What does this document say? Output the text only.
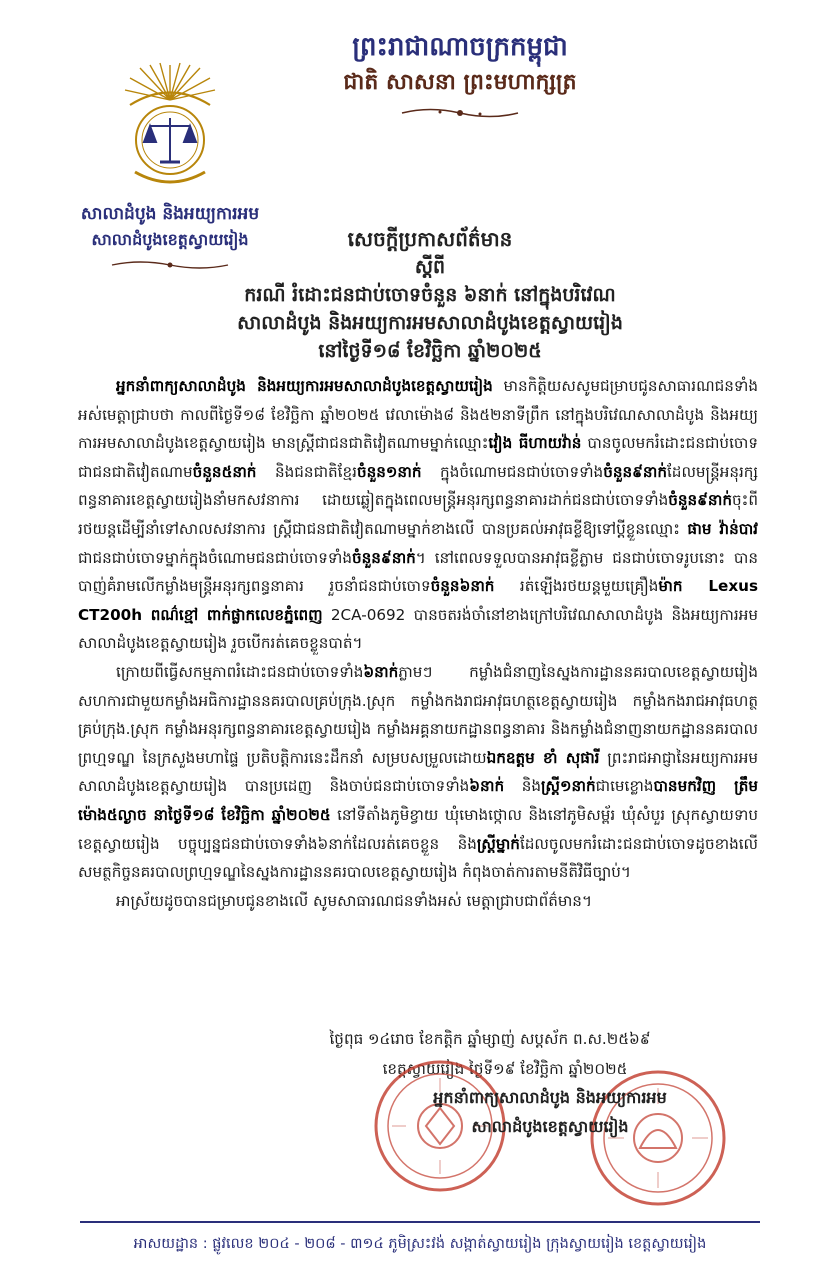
ព្រះរាជាណាចក្រកម្ពុជា
ជាតិ សាសនា ព្រះមហាក្សត្រ
សាលាដំបូង និងអយ្យការអម
សាលាដំបូងខេត្តស្វាយរៀង	សេចក្តីប្រកាសព័ត៌មាន
ស្តីពី
ករណី រំដោះជនជាប់ចោទចំនួន ៦នាក់ នៅក្នុងបរិវេណ
សាលាដំបូង និងអយ្យការអមសាលាដំបូងខេត្តស្វាយរៀង
នៅថ្ងៃទី១៨ ខែវិច្ឆិកា ឆ្នាំ២០២៥

អ្នកនាំពាក្យសាលាដំបូង និងអយ្យការអមសាលាដំបូងខេត្តស្វាយរៀង មានកិត្តិយសសូមជម្រាបជូនសាធារណជនទាំងអស់មេត្តាជ្រាបថា កាលពីថ្ងៃទី១៨ ខែវិច្ឆិកា ឆ្នាំ២០២៥ វេលាម៉ោង៨ និង៥២នាទីព្រឹក នៅក្នុងបរិវេណសាលាដំបូង និងអយ្យការអមសាលាដំបូងខេត្តស្វាយរៀង មានស្ត្រីជាជនជាតិវៀតណាមម្នាក់ឈ្មោះវៀង ធីហាយវ៉ាន់ បានចូលមករំដោះជនជាប់ចោទជាជនជាតិវៀតណាមចំនួន៥នាក់ និងជនជាតិខ្មែរចំនួន១នាក់ ក្នុងចំណោមជនជាប់ចោទទាំងចំនួន៩នាក់ដែលមន្ត្រីអនុរក្សពន្ធនាគារខេត្តស្វាយរៀងនាំមកសវនាការ ដោយឆ្លៀតក្នុងពេលមន្ត្រីអនុរក្សពន្ធនាគារដាក់ជនជាប់ចោទទាំងចំនួន៩នាក់ចុះពីរថយន្តដើម្បីនាំទៅសាលសវនាការ ស្ត្រីជាជនជាតិវៀតណាមម្នាក់ខាងលើ បានប្រគល់អាវុធខ្លីឱ្យទៅប្តីខ្លួនឈ្មោះ ផាម វ៉ាន់បាវ ជាជនជាប់ចោទម្នាក់ក្នុងចំណោមជនជាប់ចោទទាំងចំនួន៩នាក់។ នៅពេលទទួលបានអាវុធខ្លីភ្លាម ជនជាប់ចោទរូបនោះ បានបាញ់គំរាមលើកម្លាំងមន្ត្រីអនុរក្សពន្ធនាគារ រួចនាំជនជាប់ចោទចំនួន៦នាក់ រត់ឡើងរថយន្តមួយគ្រឿងម៉ាក Lexus CT200h ពណ៌ខ្មៅ ពាក់ផ្លាកលេខភ្នំពេញ 2CA-0692 បានចតរង់ចាំនៅខាងក្រៅបរិវេណសាលាដំបូង និងអយ្យការអមសាលាដំបូងខេត្តស្វាយរៀង រួចបើករត់គេចខ្លួនបាត់។

ក្រោយពីធ្វើសកម្មភាពរំដោះជនជាប់ចោទទាំង៦នាក់ភ្លាមៗ កម្លាំងជំនាញនៃស្នងការដ្ឋាននគរបាលខេត្តស្វាយរៀង សហការជាមួយកម្លាំងអធិការដ្ឋាននគរបាលគ្រប់ក្រុង.ស្រុក កម្លាំងកងរាជអាវុធហត្ថខេត្តស្វាយរៀង កម្លាំងកងរាជអាវុធហត្ថគ្រប់ក្រុង.ស្រុក កម្លាំងអនុរក្សពន្ធនាគារខេត្តស្វាយរៀង កម្លាំងអគ្គនាយកដ្ឋានពន្ធនាគារ និងកម្លាំងជំនាញនាយកដ្ឋាននគរបាលព្រហ្មទណ្ឌ នៃក្រសួងមហាផ្ទៃ ប្រតិបត្តិការនេះដឹកនាំ សម្របសម្រួលដោយឯកឧត្តម ខាំ សុផារី ព្រះរាជអាជ្ញានៃអយ្យការអមសាលាដំបូងខេត្តស្វាយរៀង បានប្រដេញ និងចាប់ជនជាប់ចោទទាំង៦នាក់ និងស្ត្រី១នាក់ជាមេខ្លោងបានមកវិញ ត្រឹមម៉ោង៥ល្ងាច នាថ្ងៃទី១៨ ខែវិច្ឆិកា ឆ្នាំ២០២៥ នៅទីតាំងភូមិខ្វាយ ឃុំមោងថ្កោល និងនៅភូមិសម្ព័រ ឃុំសំបួរ ស្រុកស្វាយទាប ខេត្តស្វាយរៀង បច្ចុប្បន្នជនជាប់ចោទទាំង៦នាក់ដែលរត់គេចខ្លួន និងស្ត្រីម្នាក់ដែលចូលមករំដោះជនជាប់ចោទដូចខាងលើ សមត្ថកិច្ចនគរបាលព្រហ្មទណ្ឌនៃស្នងការដ្ឋាននគរបាលខេត្តស្វាយរៀង កំពុងចាត់ការតាមនីតិវិធីច្បាប់។

អាស្រ័យដូចបានជម្រាបជូនខាងលើ សូមសាធារណជនទាំងអស់ មេត្តាជ្រាបជាព័ត៌មាន។

ថ្ងៃពុធ ១៤រោច ខែកត្តិក ឆ្នាំម្សាញ់ សប្តស័ក ព.ស.២៥៦៩
ខេត្តស្វាយរៀង ថ្ងៃទី១៩ ខែវិច្ឆិកា ឆ្នាំ២០២៥
អ្នកនាំពាក្យសាលាដំបូង និងអយ្យការអម
សាលាដំបូងខេត្តស្វាយរៀង
អាសយដ្ឋាន : ផ្លូវលេខ ២០៤ - ២០៨ - ៣១៤ ភូមិស្រះវង់ សង្កាត់ស្វាយរៀង ក្រុងស្វាយរៀង ខេត្តស្វាយរៀង
